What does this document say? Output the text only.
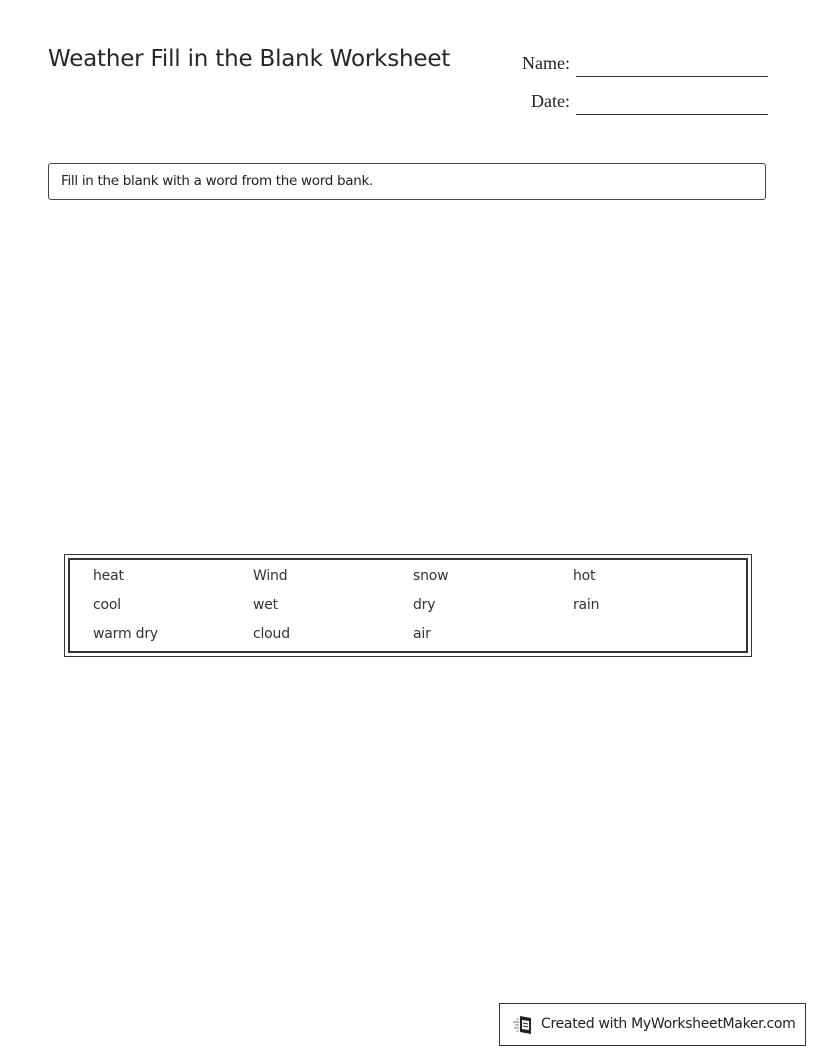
Weather Fill in the Blank Worksheet	Name:
Date:
Fill in the blank with a word from the word bank.
heat	Wind	snow	hot
cool	wet	dry	rain
warm dry	cloud	air
Created with MyWorksheetMaker.com
